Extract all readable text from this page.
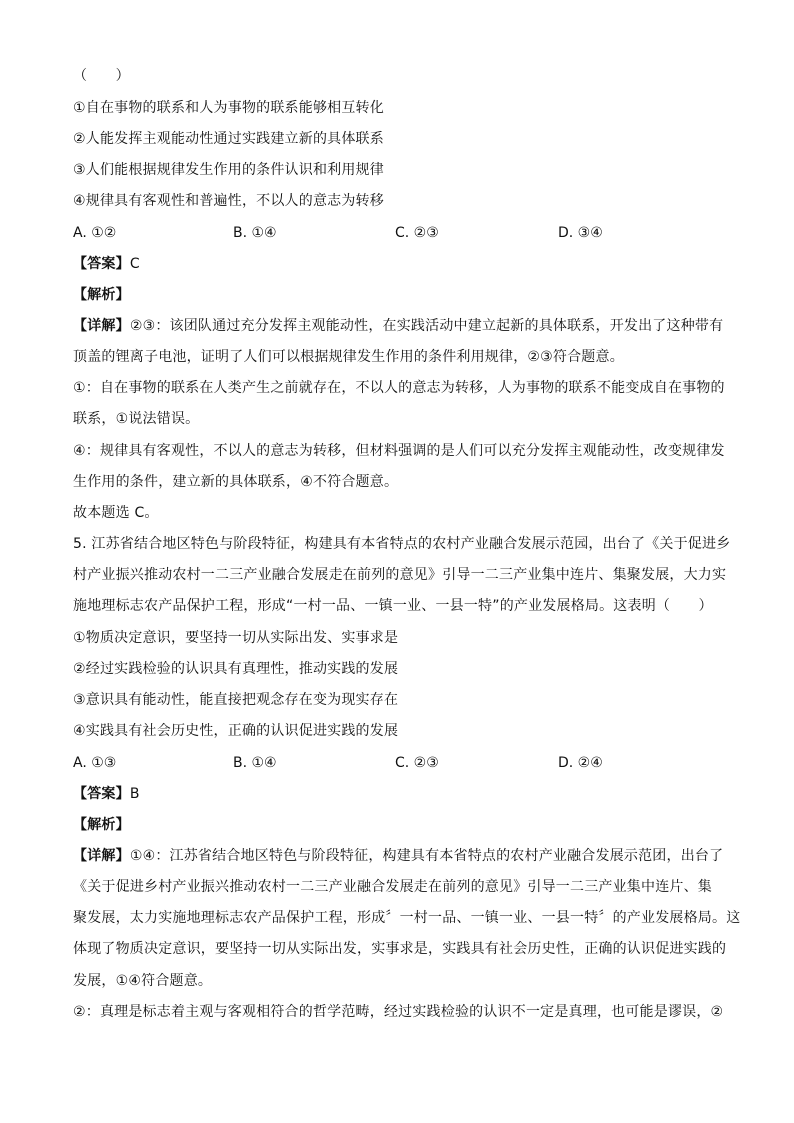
（　　）
①自在事物的联系和人为事物的联系能够相互转化
②人能发挥主观能动性通过实践建立新的具体联系
③人们能根据规律发生作用的条件认识和利用规律
④规律具有客观性和普遍性，不以人的意志为转移
A. ①②	B. ①④	C. ②③	D. ③④
【答案】C
【解析】
【详解】②③：该团队通过充分发挥主观能动性，在实践活动中建立起新的具体联系，开发出了这种带有
顶盖的锂离子电池，证明了人们可以根据规律发生作用的条件利用规律，②③符合题意。
①：自在事物的联系在人类产生之前就存在，不以人的意志为转移，人为事物的联系不能变成自在事物的
联系，①说法错误。
④：规律具有客观性，不以人的意志为转移，但材料强调的是人们可以充分发挥主观能动性，改变规律发
生作用的条件，建立新的具体联系，④不符合题意。
故本题选 C。
5. 江苏省结合地区特色与阶段特征，构建具有本省特点的农村产业融合发展示范园，出台了《关于促进乡
村产业振兴推动农村一二三产业融合发展走在前列的意见》引导一二三产业集中连片、集聚发展，大力实
施地理标志农产品保护工程，形成“一村一品、一镇一业、一县一特”的产业发展格局。这表明（　　）
①物质决定意识，要坚持一切从实际出发、实事求是
②经过实践检验的认识具有真理性，推动实践的发展
③意识具有能动性，能直接把观念存在变为现实存在
④实践具有社会历史性，正确的认识促进实践的发展
A. ①③	B. ①④	C. ②③	D. ②④
【答案】B
【解析】
【详解】①④：江苏省结合地区特色与阶段特征，构建具有本省特点的农村产业融合发展示范团，出台了
《关于促进乡村产业振兴推动农村一二三产业融合发展走在前列的意见》引导一二三产业集中连片、集
聚发展，太力实施地理标志农产品保护工程，形成〞一村一品、一镇一业、一县一特〞的产业发展格局。这
体现了物质决定意识，要坚持一切从实际出发，实事求是，实践具有社会历史性，正确的认识促进实践的
发展，①④符合题意。
②：真理是标志着主观与客观相符合的哲学范畴，经过实践检验的认识不一定是真理，也可能是谬误，②
